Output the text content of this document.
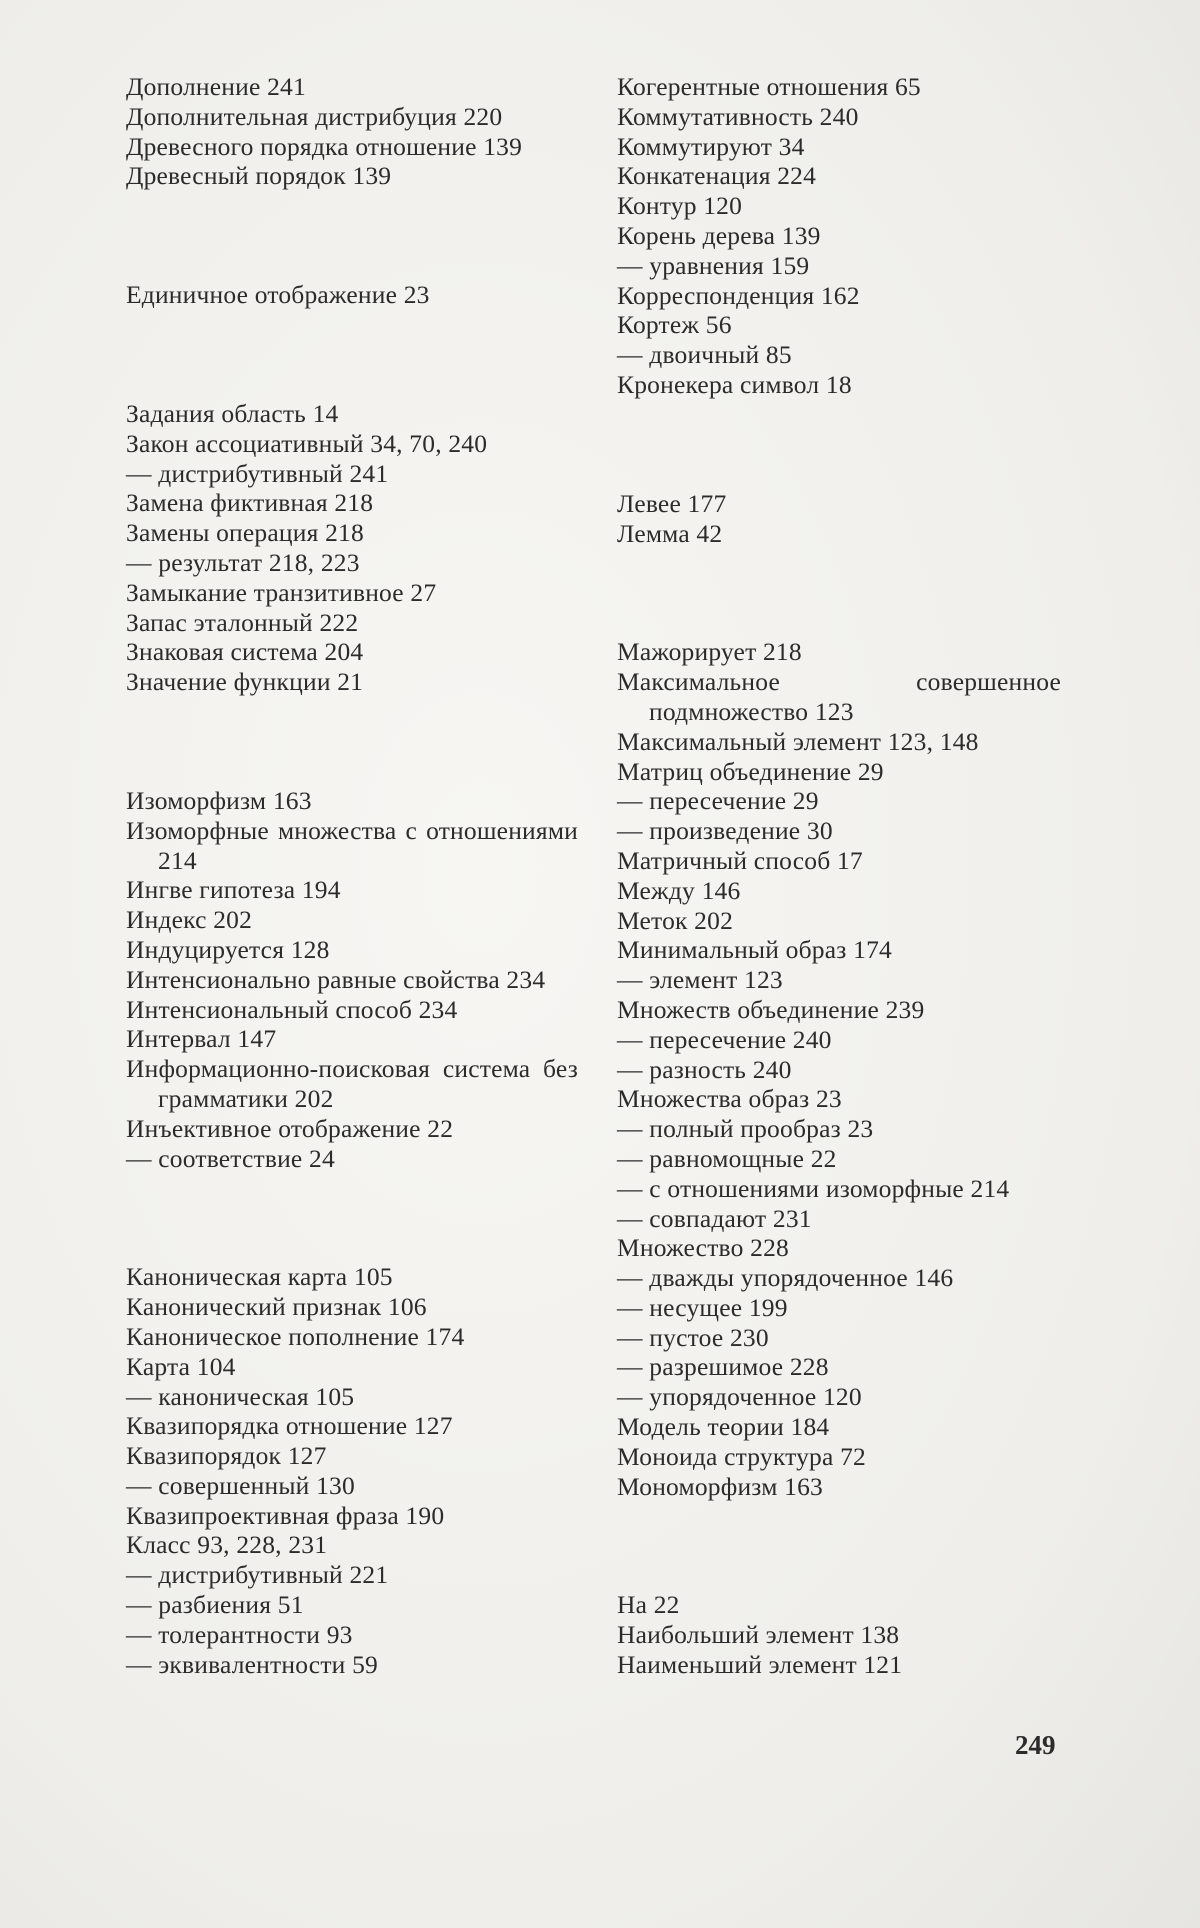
Дополнение 241
Дополнительная дистрибуция 220
Древесного порядка отношение 139
Древесный порядок 139
Единичное отображение 23
Задания область 14
Закон ассоциативный 34, 70, 240
— дистрибутивный 241
Замена фиктивная 218
Замены операция 218
— результат 218, 223
Замыкание транзитивное 27
Запас эталонный 222
Знаковая система 204
Значение функции 21
Изоморфизм 163
Изоморфные множества с отношениями 214
Ингве гипотеза 194
Индекс 202
Индуцируется 128
Интенсионально равные свойства 234
Интенсиональный способ 234
Интервал 147
Информационно-поисковая система без грамматики 202
Инъективное отображение 22
— соответствие 24
Каноническая карта 105
Канонический признак 106
Каноническое пополнение 174
Карта 104
— каноническая 105
Квазипорядка отношение 127
Квазипорядок 127
— совершенный 130
Квазипроективная фраза 190
Класс 93, 228, 231
— дистрибутивный 221
— разбиения 51
— толерантности 93
— эквивалентности 59
Когерентные отношения 65
Коммутативность 240
Коммутируют 34
Конкатенация 224
Контур 120
Корень дерева 139
— уравнения 159
Корреспонденция 162
Кортеж 56
— двоичный 85
Кронекера символ 18
Левее 177
Лемма 42
Мажорирует 218
Максимальное совершенное подмножество 123
Максимальный элемент 123, 148
Матриц объединение 29
— пересечение 29
— произведение 30
Матричный способ 17
Между 146
Меток 202
Минимальный образ 174
— элемент 123
Множеств объединение 239
— пересечение 240
— разность 240
Множества образ 23
— полный прообраз 23
— равномощные 22
— с отношениями изоморфные 214
— совпадают 231
Множество 228
— дважды упорядоченное 146
— несущее 199
— пустое 230
— разрешимое 228
— упорядоченное 120
Модель теории 184
Моноида структура 72
Мономорфизм 163
На 22
Наибольший элемент 138
Наименьший элемент 121
249
